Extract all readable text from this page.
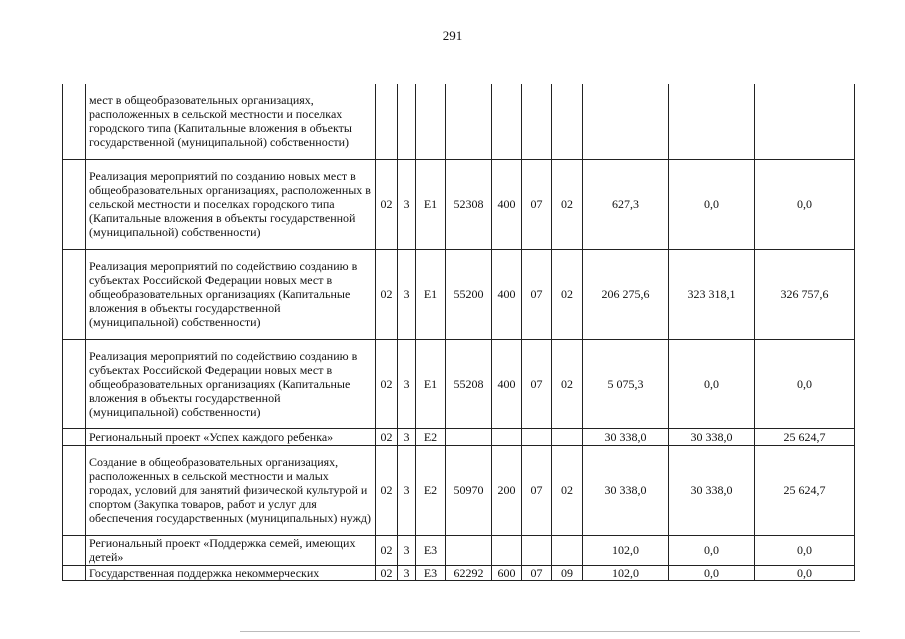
291
	мест в общеобразовательных организациях, расположенных в сельской местности и поселках городского типа (Капитальные вложения в объекты государственной (муниципальной) собственности)										
	Реализация мероприятий по созданию новых мест в общеобразовательных организациях, расположенных в сельской местности и поселках городского типа (Капитальные вложения в объекты государственной (муниципальной) собственности)	02	3	E1	52308	400	07	02	627,3	0,0	0,0
	Реализация мероприятий по содействию созданию в субъектах Российской Федерации новых мест в общеобразовательных организациях (Капитальные вложения в объекты государственной (муниципальной) собственности)	02	3	E1	55200	400	07	02	206 275,6	323 318,1	326 757,6
	Реализация мероприятий по содействию созданию в субъектах Российской Федерации новых мест в общеобразовательных организациях (Капитальные вложения в объекты государственной (муниципальной) собственности)	02	3	E1	55208	400	07	02	5 075,3	0,0	0,0
	Региональный проект «Успех каждого ребенка»	02	3	E2					30 338,0	30 338,0	25 624,7
	Создание в общеобразовательных организациях, расположенных в сельской местности и малых городах, условий для занятий физической культурой и спортом (Закупка товаров, работ и услуг для обеспечения государственных (муниципальных) нужд)	02	3	E2	50970	200	07	02	30 338,0	30 338,0	25 624,7
	Региональный проект «Поддержка семей, имеющих детей»	02	3	E3					102,0	0,0	0,0
	Государственная поддержка некоммерческих	02	3	E3	62292	600	07	09	102,0	0,0	0,0
